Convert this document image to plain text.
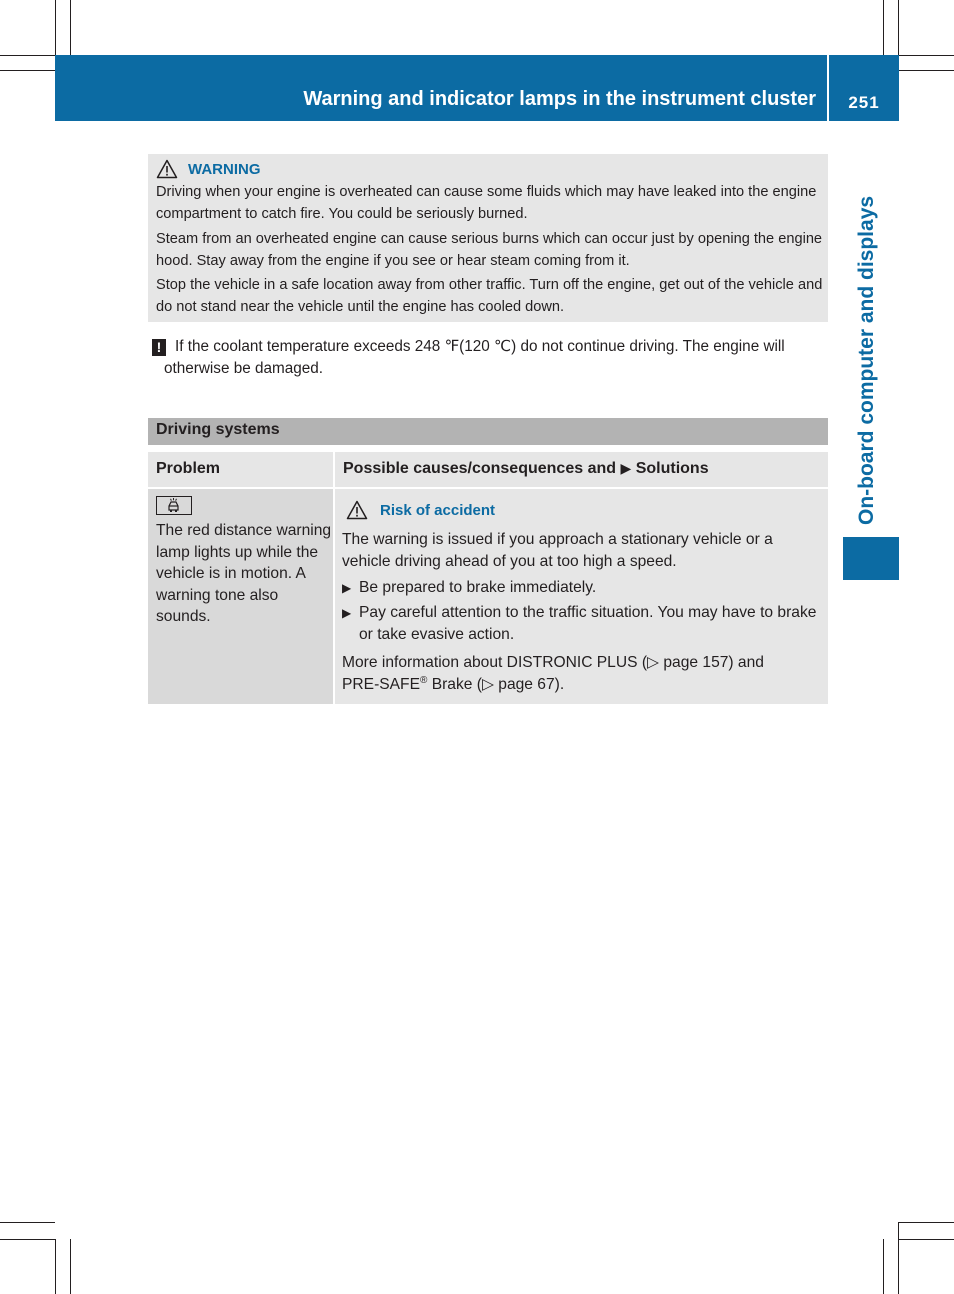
Warning and indicator lamps in the instrument cluster	251
On-board computer and displays
WARNING

Driving when your engine is overheated can cause some fluids which may have leaked into the engine compartment to catch fire. You could be seriously burned.

Steam from an overheated engine can cause serious burns which can occur just by opening the engine hood. Stay away from the engine if you see or hear steam coming from it.

Stop the vehicle in a safe location away from other traffic. Turn off the engine, get out of the vehicle and do not stand near the vehicle until the engine has cooled down.

! If the coolant temperature exceeds 248 ℉(120 ℃) do not continue driving. The engine will otherwise be damaged.

Driving systems
Problem	Possible causes/consequences and ▶ Solutions

The red distance warning lamp lights up while the vehicle is in motion. A warning tone also sounds.

Risk of accident

The warning is issued if you approach a stationary vehicle or a vehicle driving ahead of you at too high a speed.

▶ Be prepared to brake immediately.

▶ Pay careful attention to the traffic situation. You may have to brake or take evasive action.

More information about DISTRONIC PLUS (▷ page 157) and
PRE-SAFE® Brake (▷ page 67).
